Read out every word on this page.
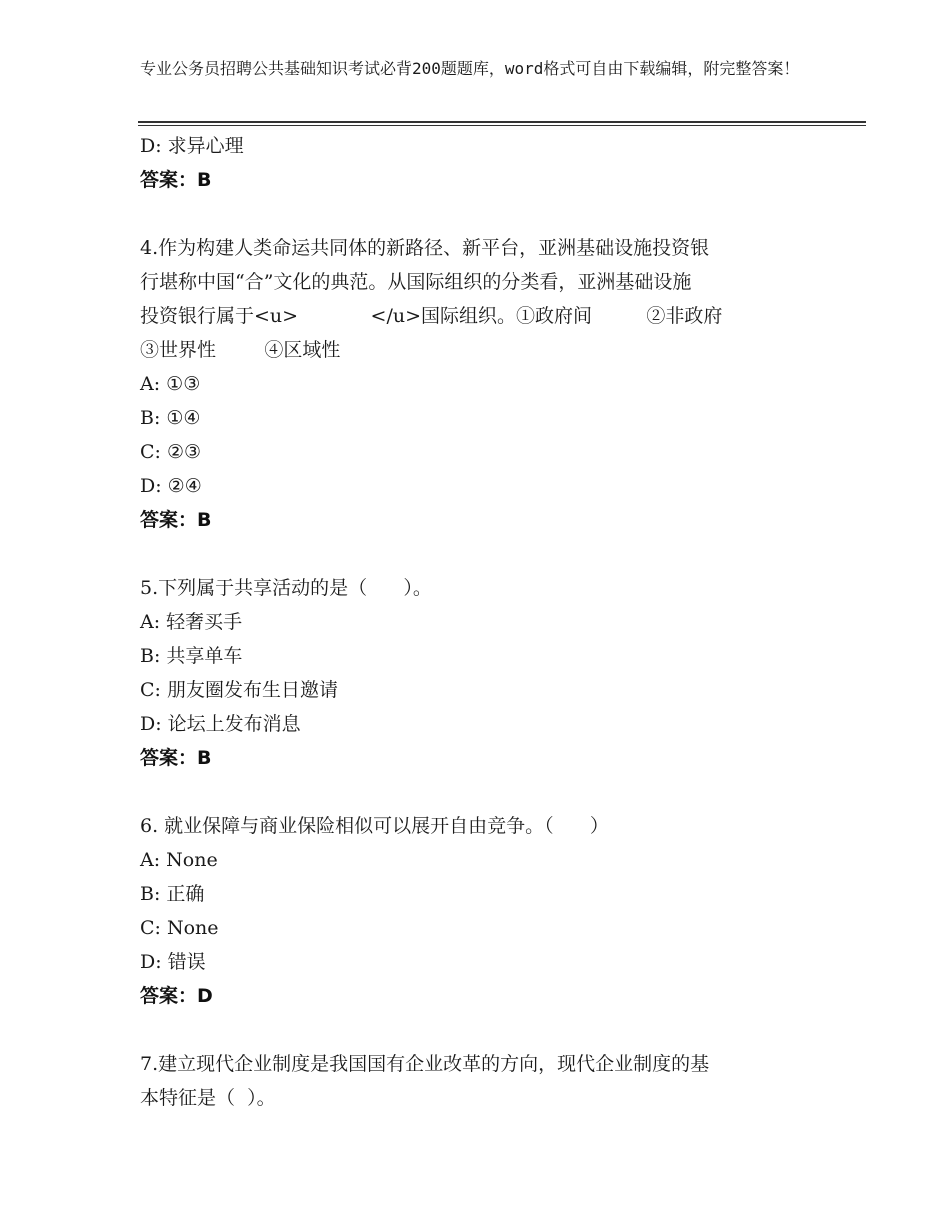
专业公务员招聘公共基础知识考试必背200题题库，word格式可自由下载编辑，附完整答案！
D: 求异心理
答案：B
4.作为构建人类命运共同体的新路径、新平台，亚洲基础设施投资银
行堪称中国“合”文化的典范。从国际组织的分类看，亚洲基础设施
投资银行属于<u>            </u>国际组织。①政府间         ②非政府
③世界性        ④区域性
A: ①③
B: ①④
C: ②③
D: ②④
答案：B
5.下列属于共享活动的是（      ）。
A: 轻奢买手
B: 共享单车
C: 朋友圈发布生日邀请
D: 论坛上发布消息
答案：B
6. 就业保障与商业保险相似可以展开自由竞争。（      ）
A: None
B: 正确
C: None
D: 错误
答案：D
7.建立现代企业制度是我国国有企业改革的方向，现代企业制度的基
本特征是（  ）。
